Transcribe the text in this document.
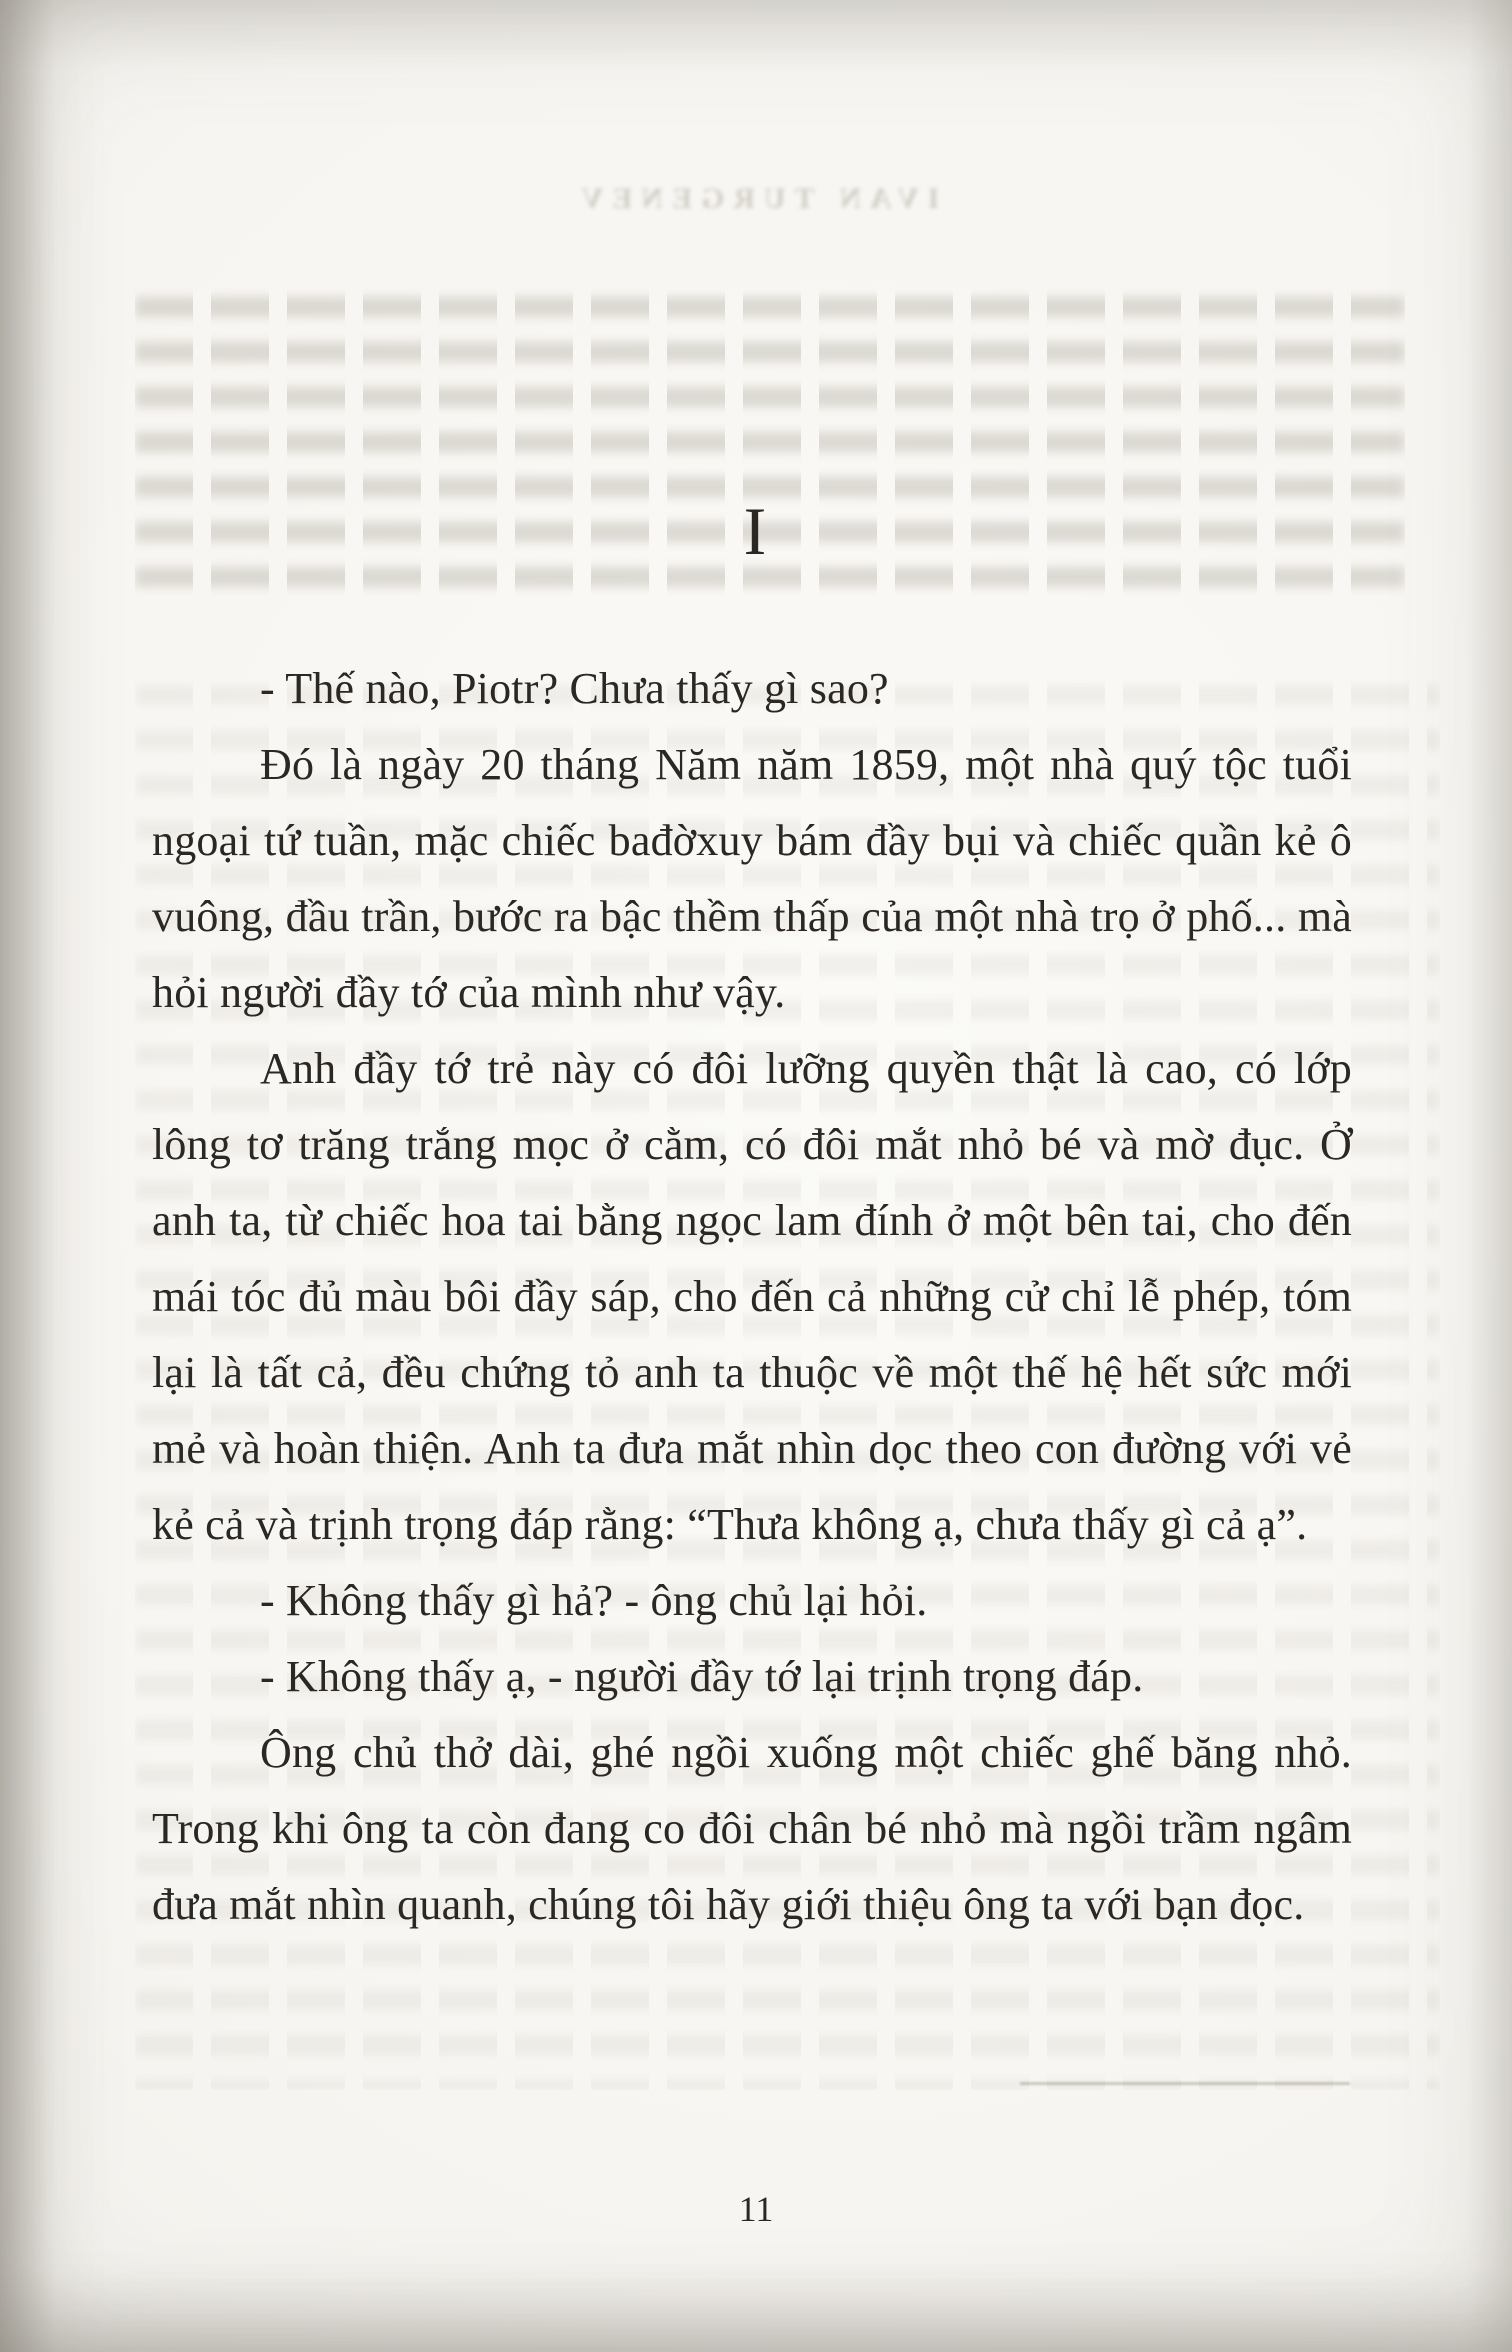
IVAN TURGENEV
I

- Thế nào, Piotr? Chưa thấy gì sao?

Đó là ngày 20 tháng Năm năm 1859, một nhà quý tộc tuổi ngoại tứ tuần, mặc chiếc bađờxuy bám đầy bụi và chiếc quần kẻ ô vuông, đầu trần, bước ra bậc thềm thấp của một nhà trọ ở phố... mà hỏi người đầy tớ của mình như vậy.

Anh đầy tớ trẻ này có đôi lưỡng quyền thật là cao, có lớp lông tơ trăng trắng mọc ở cằm, có đôi mắt nhỏ bé và mờ đục. Ở anh ta, từ chiếc hoa tai bằng ngọc lam đính ở một bên tai, cho đến mái tóc đủ màu bôi đầy sáp, cho đến cả những cử chỉ lễ phép, tóm lại là tất cả, đều chứng tỏ anh ta thuộc về một thế hệ hết sức mới mẻ và hoàn thiện. Anh ta đưa mắt nhìn dọc theo con đường với vẻ kẻ cả và trịnh trọng đáp rằng: “Thưa không ạ, chưa thấy gì cả ạ”.

- Không thấy gì hả? - ông chủ lại hỏi.

- Không thấy ạ, - người đầy tớ lại trịnh trọng đáp.

Ông chủ thở dài, ghé ngồi xuống một chiếc ghế băng nhỏ. Trong khi ông ta còn đang co đôi chân bé nhỏ mà ngồi trầm ngâm đưa mắt nhìn quanh, chúng tôi hãy giới thiệu ông ta với bạn đọc.

11
